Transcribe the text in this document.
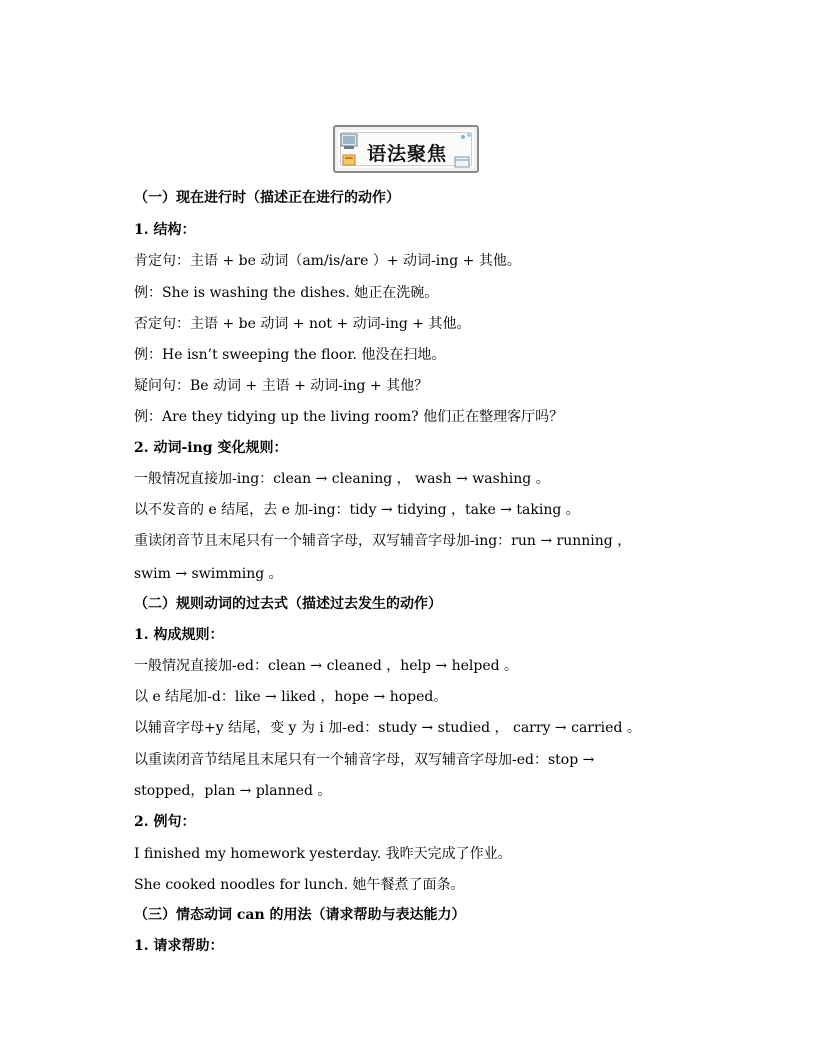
语法聚焦
（一）现在进行时（描述正在进行的动作）
1. 结构：
肯定句：主语 + be 动词（am/is/are ）+ 动词-ing + 其他。
例：She is washing the dishes. 她正在洗碗。
否定句：主语 + be 动词 + not + 动词-ing + 其他。
例：He isn’t sweeping the floor. 他没在扫地。
疑问句：Be 动词 + 主语 + 动词-ing + 其他？
例：Are they tidying up the living room? 他们正在整理客厅吗？
2. 动词-ing 变化规则：
一般情况直接加-ing：clean → cleaning ， wash → washing 。
以不发音的 e 结尾，去 e 加-ing：tidy → tidying ，take → taking 。
重读闭音节且末尾只有一个辅音字母，双写辅音字母加-ing：run → running ，
swim → swimming 。
（二）规则动词的过去式（描述过去发生的动作）
1. 构成规则：
一般情况直接加-ed：clean → cleaned ，help → helped 。
以 e 结尾加-d：like → liked ，hope → hoped。
以辅音字母+y 结尾，变 y 为 i 加-ed：study → studied ， carry → carried 。
以重读闭音节结尾且末尾只有一个辅音字母，双写辅音字母加-ed：stop →
stopped，plan → planned 。
2. 例句：
I finished my homework yesterday. 我昨天完成了作业。
She cooked noodles for lunch. 她午餐煮了面条。
（三）情态动词 can 的用法（请求帮助与表达能力）
1. 请求帮助：
